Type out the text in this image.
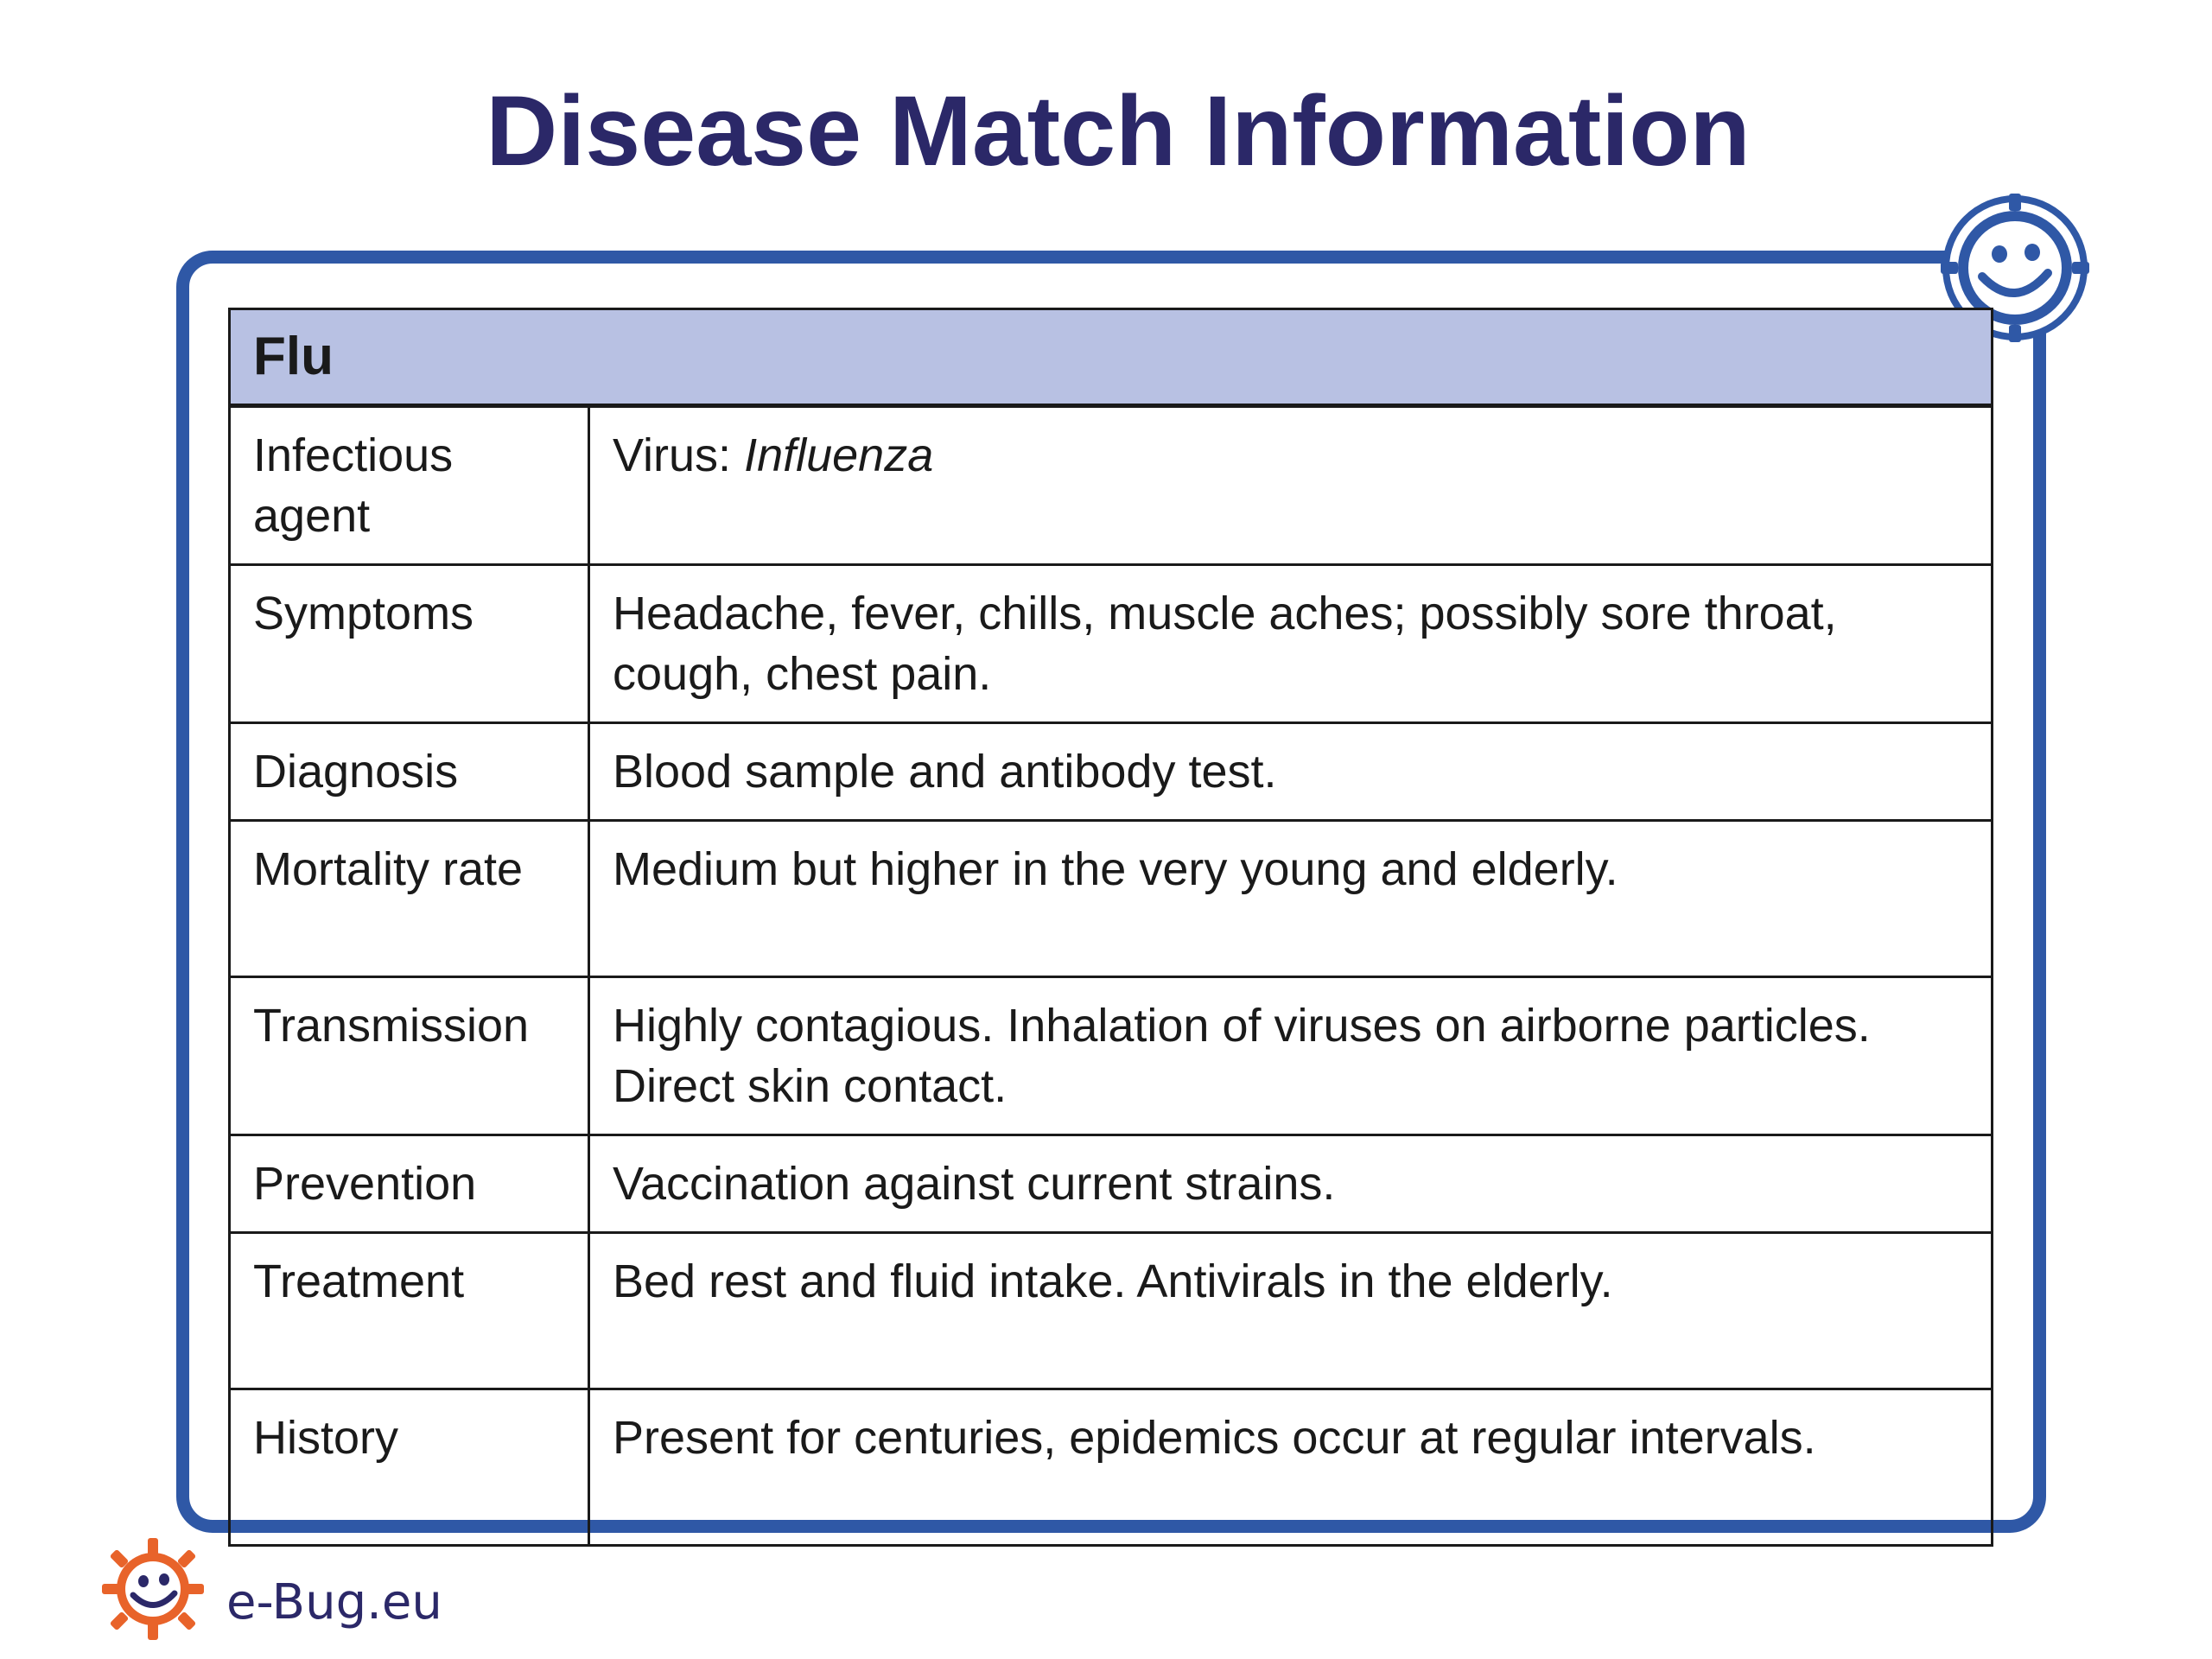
Disease Match Information
Flu	
Infectious agent	Virus: Influenza
Symptoms	Headache, fever, chills, muscle aches; possibly sore throat, cough, chest pain.
Diagnosis	Blood sample and antibody test.
Mortality rate	Medium but higher in the very young and elderly.
Transmission	Highly contagious. Inhalation of viruses on airborne particles. Direct skin contact.
Prevention	Vaccination against current strains.
Treatment	Bed rest and fluid intake. Antivirals in the elderly.
History	Present for centuries, epidemics occur at regular intervals.
e-Bug.eu
